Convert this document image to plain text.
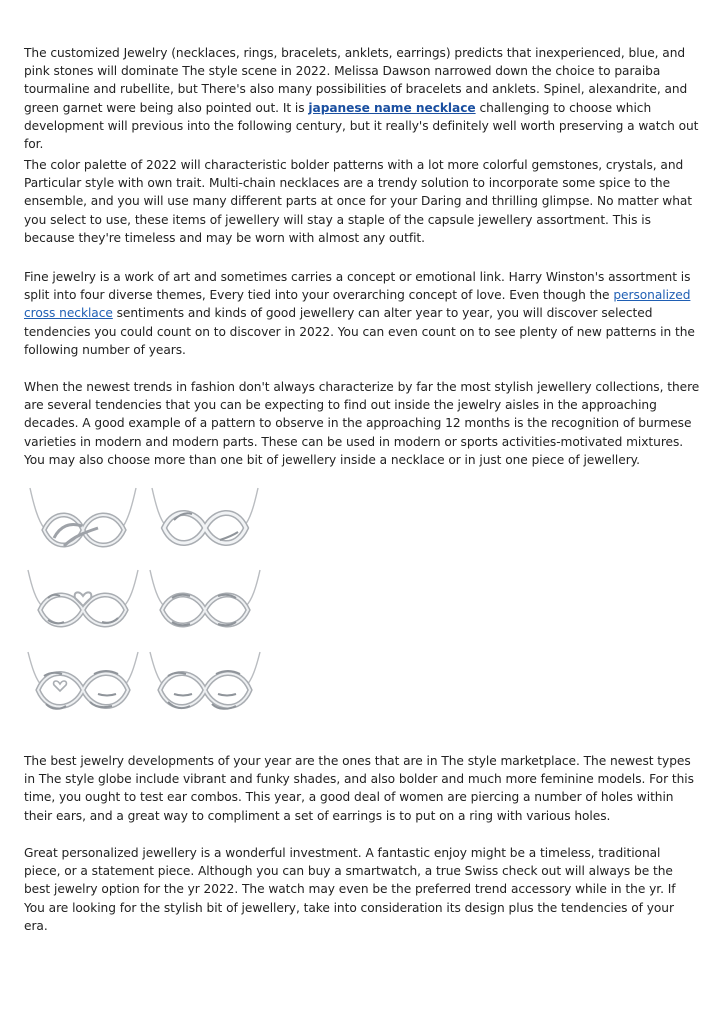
The customized Jewelry (necklaces, rings, bracelets, anklets, earrings) predicts that inexperienced, blue, and pink stones will dominate The style scene in 2022. Melissa Dawson narrowed down the choice to paraiba tourmaline and rubellite, but There's also many possibilities of bracelets and anklets. Spinel, alexandrite, and green garnet were being also pointed out. It is japanese name necklace challenging to choose which development will previous into the following century, but it really's definitely well worth preserving a watch out for.

The color palette of 2022 will characteristic bolder patterns with a lot more colorful gemstones, crystals, and Particular style with own trait. Multi-chain necklaces are a trendy solution to incorporate some spice to the ensemble, and you will use many different parts at once for your Daring and thrilling glimpse. No matter what you select to use, these items of jewellery will stay a staple of the capsule jewellery assortment. This is because they're timeless and may be worn with almost any outfit.

Fine jewelry is a work of art and sometimes carries a concept or emotional link. Harry Winston's assortment is split into four diverse themes, Every tied into your overarching concept of love. Even though the personalized cross necklace sentiments and kinds of good jewellery can alter year to year, you will discover selected tendencies you could count on to discover in 2022. You can even count on to see plenty of new patterns in the following number of years.

When the newest trends in fashion don't always characterize by far the most stylish jewellery collections, there are several tendencies that you can be expecting to find out inside the jewelry aisles in the approaching decades. A good example of a pattern to observe in the approaching 12 months is the recognition of burmese varieties in modern and modern parts. These can be used in modern or sports activities-motivated mixtures. You may also choose more than one bit of jewellery inside a necklace or in just one piece of jewellery.

The best jewelry developments of your year are the ones that are in The style marketplace. The newest types in The style globe include vibrant and funky shades, and also bolder and much more feminine models. For this time, you ought to test ear combos. This year, a good deal of women are piercing a number of holes within their ears, and a great way to compliment a set of earrings is to put on a ring with various holes.

Great personalized jewellery is a wonderful investment. A fantastic enjoy might be a timeless, traditional piece, or a statement piece. Although you can buy a smartwatch, a true Swiss check out will always be the best jewelry option for the yr 2022. The watch may even be the preferred trend accessory while in the yr. If You are looking for the stylish bit of jewellery, take into consideration its design plus the tendencies of your era.
